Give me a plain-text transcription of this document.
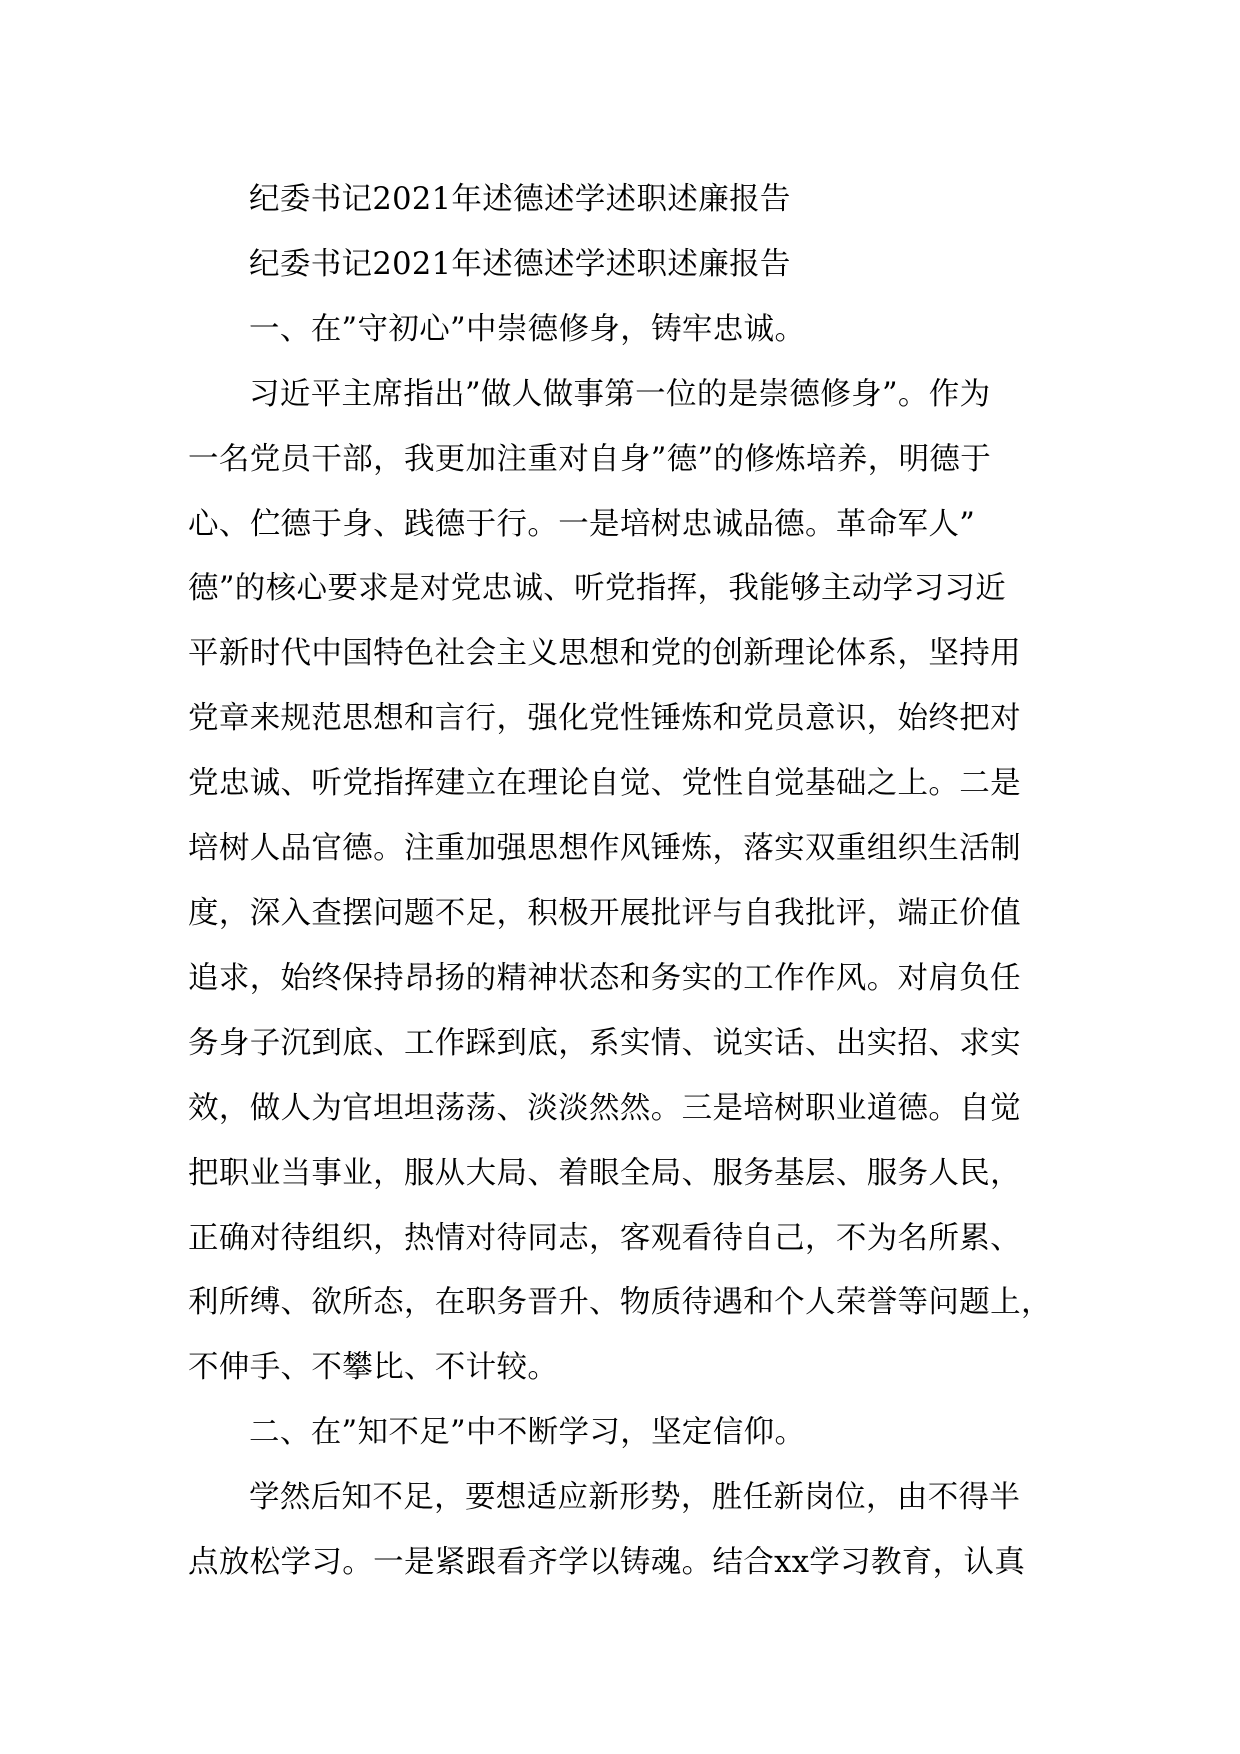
纪委书记2021年述德述学述职述廉报告
纪委书记2021年述德述学述职述廉报告
一、在”守初心”中崇德修身，铸牢忠诚。
习近平主席指出”做人做事第一位的是崇德修身”。作为
一名党员干部，我更加注重对自身”德”的修炼培养，明德于
心、伫德于身、践德于行。一是培树忠诚品德。革命军人”
德”的核心要求是对党忠诚、听党指挥，我能够主动学习习近
平新时代中国特色社会主义思想和党的创新理论体系，坚持用
党章来规范思想和言行，强化党性锤炼和党员意识，始终把对
党忠诚、听党指挥建立在理论自觉、党性自觉基础之上。二是
培树人品官德。注重加强思想作风锤炼，落实双重组织生活制
度，深入查摆问题不足，积极开展批评与自我批评，端正价值
追求，始终保持昂扬的精神状态和务实的工作作风。对肩负任
务身子沉到底、工作踩到底，系实情、说实话、出实招、求实
效，做人为官坦坦荡荡、淡淡然然。三是培树职业道德。自觉
把职业当事业，服从大局、着眼全局、服务基层、服务人民，
正确对待组织，热情对待同志，客观看待自己，不为名所累、
利所缚、欲所态，在职务晋升、物质待遇和个人荣誉等问题上，
不伸手、不攀比、不计较。
二、在”知不足”中不断学习，坚定信仰。
学然后知不足，要想适应新形势，胜任新岗位，由不得半
点放松学习。一是紧跟看齐学以铸魂。结合xx学习教育，认真
